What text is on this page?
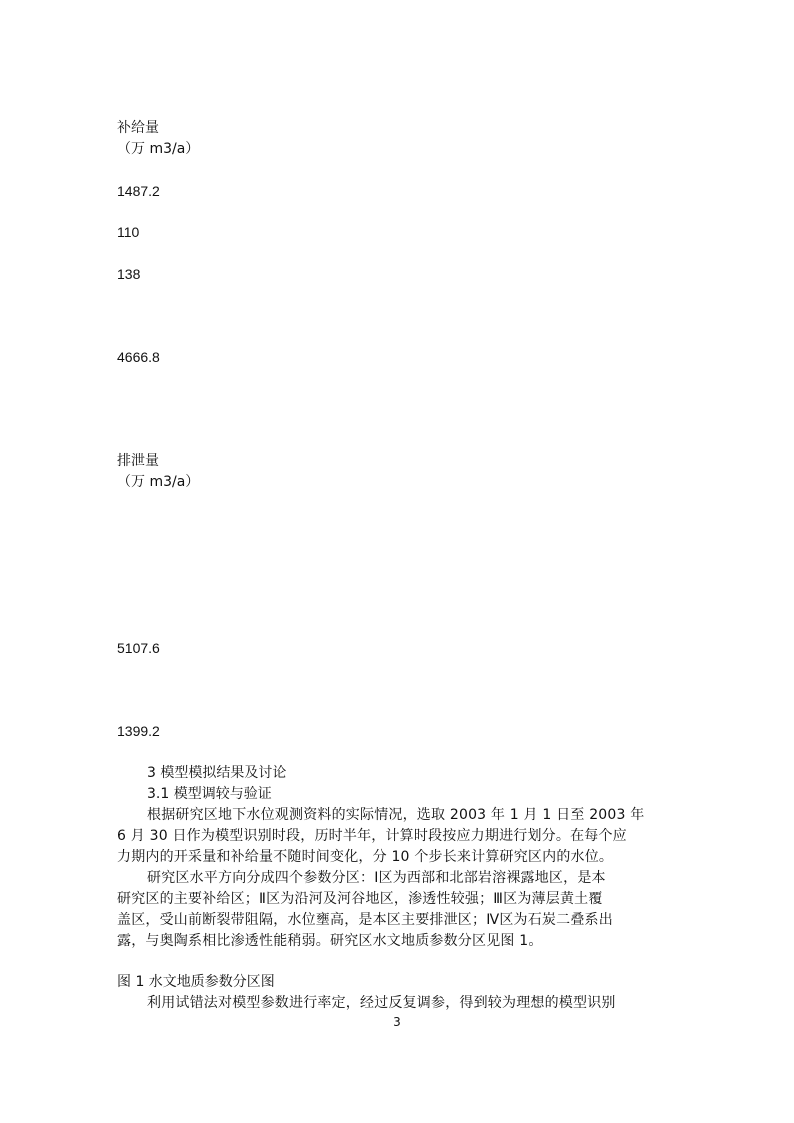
补给量
（万 m3/a）
1487.2
110
138
4666.8
排泄量
（万 m3/a）
5107.6
1399.2
3 模型模拟结果及讨论
3.1 模型调较与验证
根据研究区地下水位观测资料的实际情况，选取 2003 年 1 月 1 日至 2003 年
6 月 30 日作为模型识别时段，历时半年，计算时段按应力期进行划分。在每个应
力期内的开采量和补给量不随时间变化，分 10 个步长来计算研究区内的水位。
研究区水平方向分成四个参数分区：Ⅰ区为西部和北部岩溶裸露地区，是本
研究区的主要补给区；Ⅱ区为沿河及河谷地区，渗透性较强；Ⅲ区为薄层黄土覆
盖区，受山前断裂带阻隔，水位壅高，是本区主要排泄区；Ⅳ区为石炭二叠系出
露，与奥陶系相比渗透性能稍弱。研究区水文地质参数分区见图 1。
图 1 水文地质参数分区图
利用试错法对模型参数进行率定，经过反复调参，得到较为理想的模型识别
3
